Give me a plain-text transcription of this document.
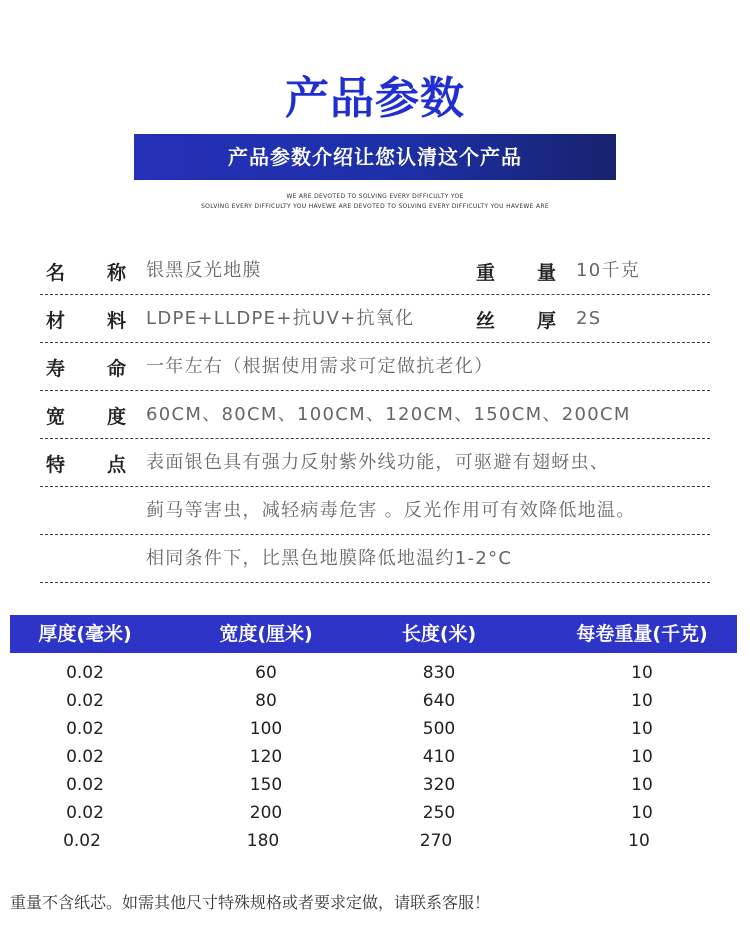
产品参数
产品参数介绍让您认清这个产品
WE ARE DEVOTED TO SOLVING EVERY DIFFICULTY YOE
SOLVING EVERY DIFFICULTY YOU HAVEWE ARE DEVOTED TO SOLVING EVERY DIFFICULTY YOU HAVEWE ARE
名 称 银黑反光地膜	重 量 10千克
材 料 LDPE+LLDPE+抗UV+抗氧化	丝 厚 2S
寿 命 一年左右（根据使用需求可定做抗老化）
宽 度 60CM、80CM、100CM、120CM、150CM、200CM
特 点 表面银色具有强力反射紫外线功能，可驱避有翅蚜虫、
蓟马等害虫，减轻病毒危害 。反光作用可有效降低地温。
相同条件下，比黑色地膜降低地温约1-2°C
厚度(毫米)	宽度(厘米)	长度(米)	每卷重量(千克)
0.02	60	830	10
0.02	80	640	10
0.02	100	500	10
0.02	120	410	10
0.02	150	320	10
0.02	200	250	10
0.02	180	270	10
重量不含纸芯。如需其他尺寸特殊规格或者要求定做，请联系客服！
